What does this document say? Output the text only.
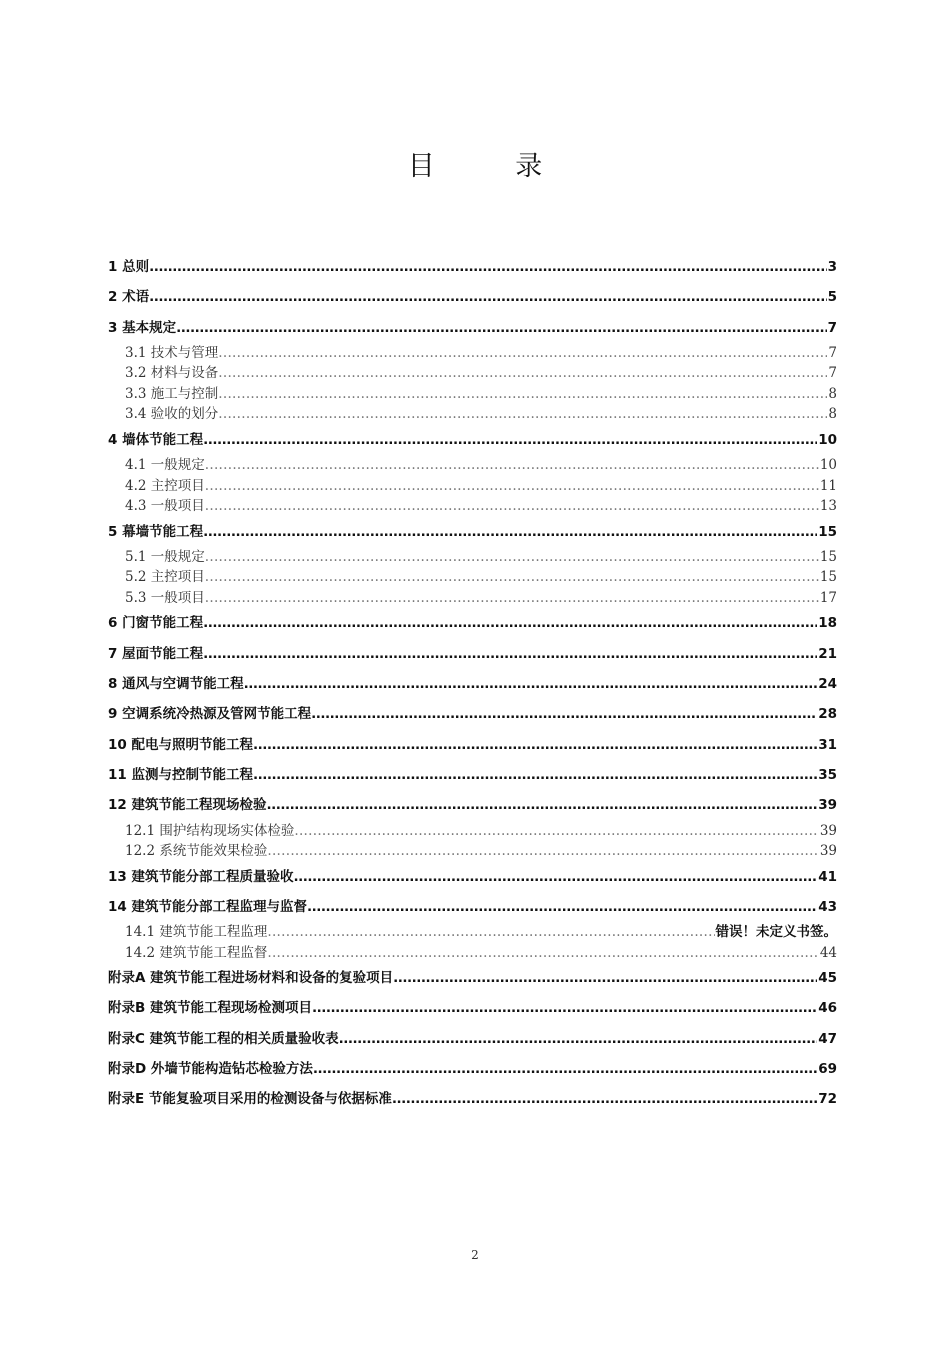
目 录
1 总则 .....	3
2 术语 .....	5
3 基本规定 .....	7
3.1 技术与管理 .....	7
3.2 材料与设备 .....	7
3.3 施工与控制 .....	8
3.4 验收的划分 .....	8
4 墙体节能工程 .....	10
4.1 一般规定 .....	10
4.2 主控项目 .....	11
4.3 一般项目 .....	13
5 幕墙节能工程 .....	15
5.1 一般规定 .....	15
5.2 主控项目 .....	15
5.3 一般项目 .....	17
6 门窗节能工程 .....	18
7 屋面节能工程 .....	21
8 通风与空调节能工程 .....	24
9 空调系统冷热源及管网节能工程 .....	28
10 配电与照明节能工程 .....	31
11 监测与控制节能工程 .....	35
12 建筑节能工程现场检验 .....	39
12.1 围护结构现场实体检验 .....	39
12.2 系统节能效果检验 .....	39
13 建筑节能分部工程质量验收 .....	41
14 建筑节能分部工程监理与监督 .....	43
14.1 建筑节能工程监理 .....	错误！未定义书签。
14.2 建筑节能工程监督 .....	44
附录A 建筑节能工程进场材料和设备的复验项目 .....	45
附录B 建筑节能工程现场检测项目 .....	46
附录C 建筑节能工程的相关质量验收表 .....	47
附录D 外墙节能构造钻芯检验方法 .....	69
附录E 节能复验项目采用的检测设备与依据标准 .....	72
2
